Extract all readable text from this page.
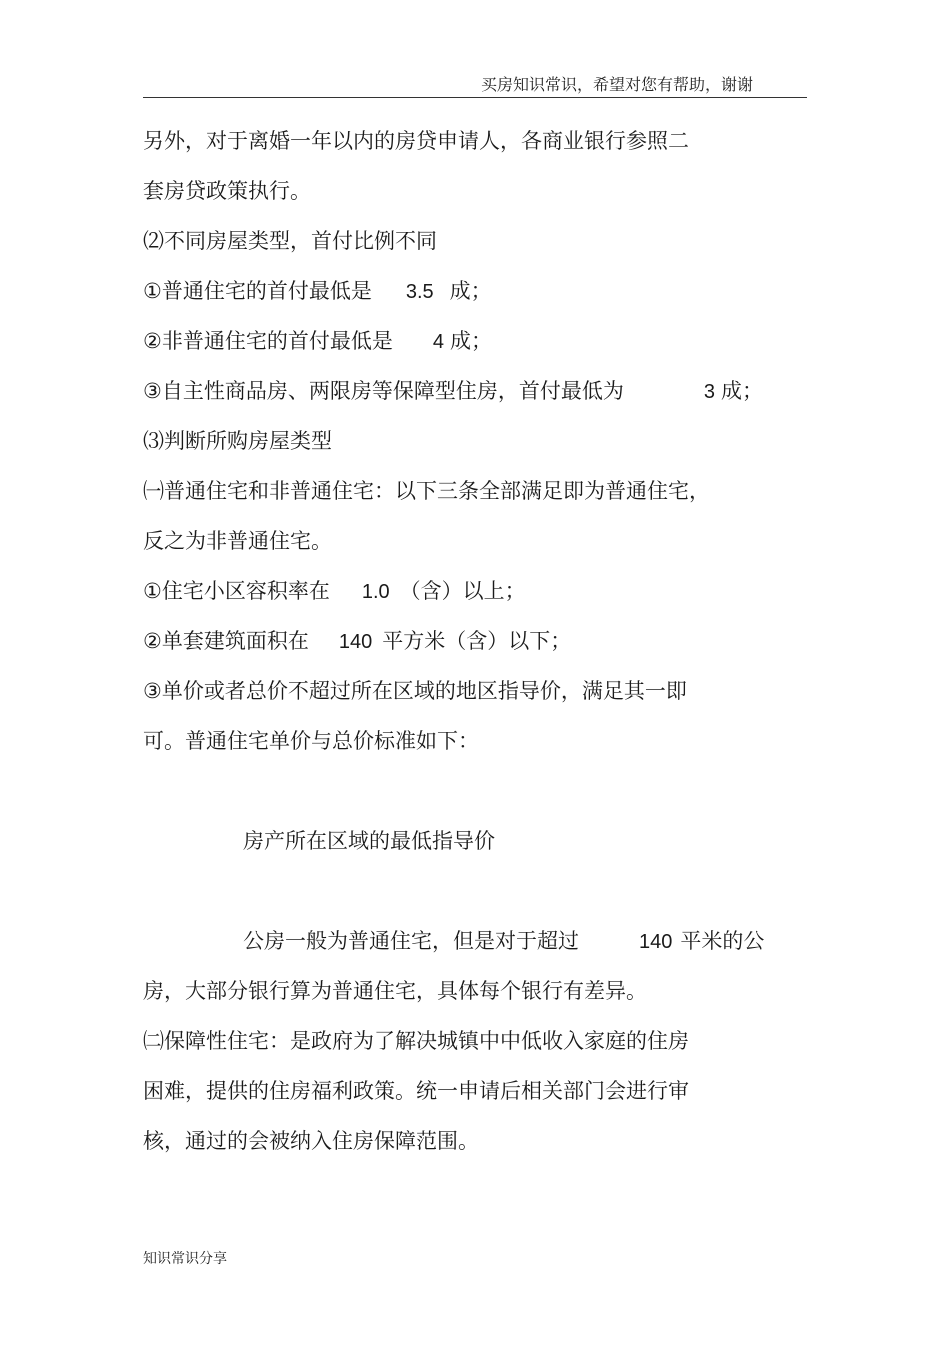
买房知识常识，希望对您有帮助，谢谢
另外，对于离婚一年以内的房贷申请人，各商业银行参照二
套房贷政策执行。
⑵不同房屋类型，首付比例不同
①普通住宅的首付最低是 3.5 成；
②非普通住宅的首付最低是 4 成；
③自主性商品房、两限房等保障型住房，首付最低为	3 成；
⑶判断所购房屋类型
㈠普通住宅和非普通住宅：以下三条全部满足即为普通住宅，
反之为非普通住宅。
①住宅小区容积率在 1.0 （含）以上；
②单套建筑面积在 140 平方米（含）以下；
③单价或者总价不超过所在区域的地区指导价，满足其一即
可。普通住宅单价与总价标准如下：
房产所在区域的最低指导价
公房一般为普通住宅，但是对于超过	140 平米的公
房，大部分银行算为普通住宅，具体每个银行有差异。
㈡保障性住宅：是政府为了解决城镇中中低收入家庭的住房
困难，提供的住房福利政策。统一申请后相关部门会进行审
核，通过的会被纳入住房保障范围。
知识常识分享
